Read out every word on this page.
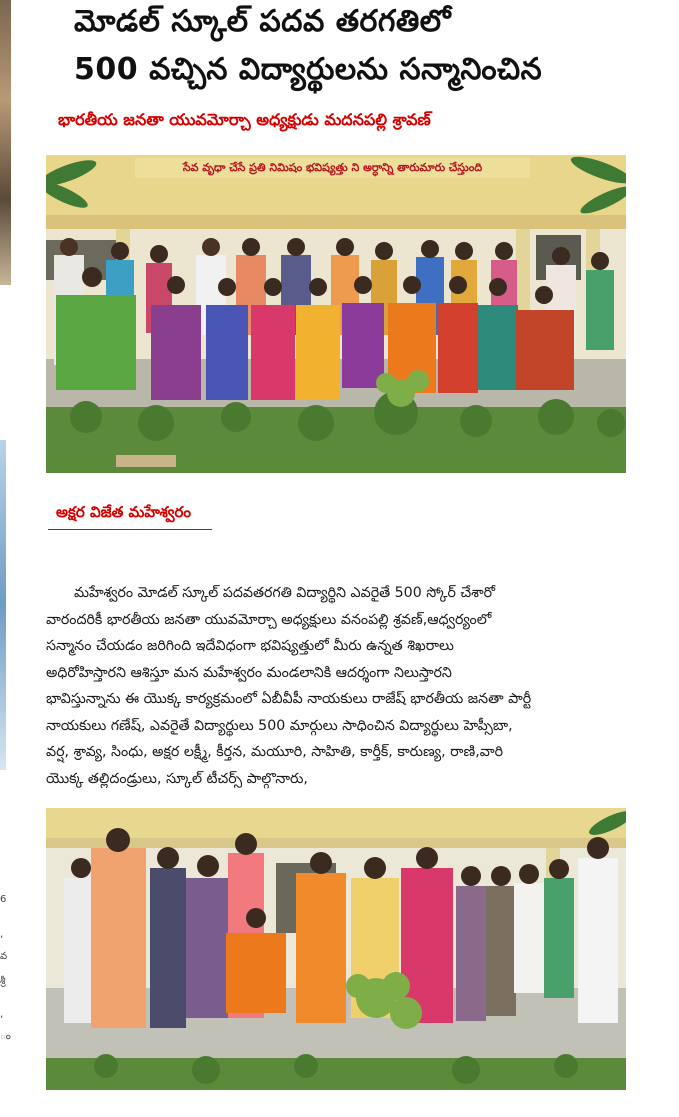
6
,
వ
శ్రీ
,
ం
మోడల్ స్కూల్ పదవ తరగతిలో
500 వచ్చిన విద్యార్థులను సన్మానించిన
భారతీయ జనతా యువమోర్చా అధ్యక్షుడు మదనపల్లి శ్రావణ్
సేవ వృధా చేసే ప్రతి నిమిషం భవిష్యత్తు ని అర్ధాన్ని తారుమారు చేస్తుంది
అక్షర విజేత మహేశ్వరం
మహేశ్వరం మోడల్ స్కూల్ పదవతరగతి విద్యార్థిని ఎవరైతే 500 స్కోర్ చేశారో
వారందరికీ భారతీయ జనతా యువమోర్చా అధ్యక్షులు వనంపల్లి శ్రవణ్,ఆధ్వర్యంలో
సన్మానం చేయడం జరిగింది ఇదేవిధంగా భవిష్యత్తులో మీరు ఉన్నత శిఖరాలు
అధిరోహిస్తారని ఆశిస్తూ మన మహేశ్వరం మండలానికి ఆదర్శంగా నిలుస్తారని
భావిస్తున్నాను ఈ యొక్క కార్యక్రమంలో ఏబీవీపీ నాయకులు రాజేష్ భారతీయ జనతా పార్టీ
నాయకులు గణేష్, ఎవరైతే విద్యార్థులు 500 మార్గులు సాధించిన విద్యార్థులు హెప్సీబా,
వర్ష, శ్రావ్య, సింధు, అక్షర లక్ష్మీ, కీర్తన, మయూరి, సాహితి, కార్తీక్, కారుణ్య, రాణి,వారి
యొక్క తల్లిదండ్రులు, స్కూల్ టీచర్స్ పాల్గొనారు,
